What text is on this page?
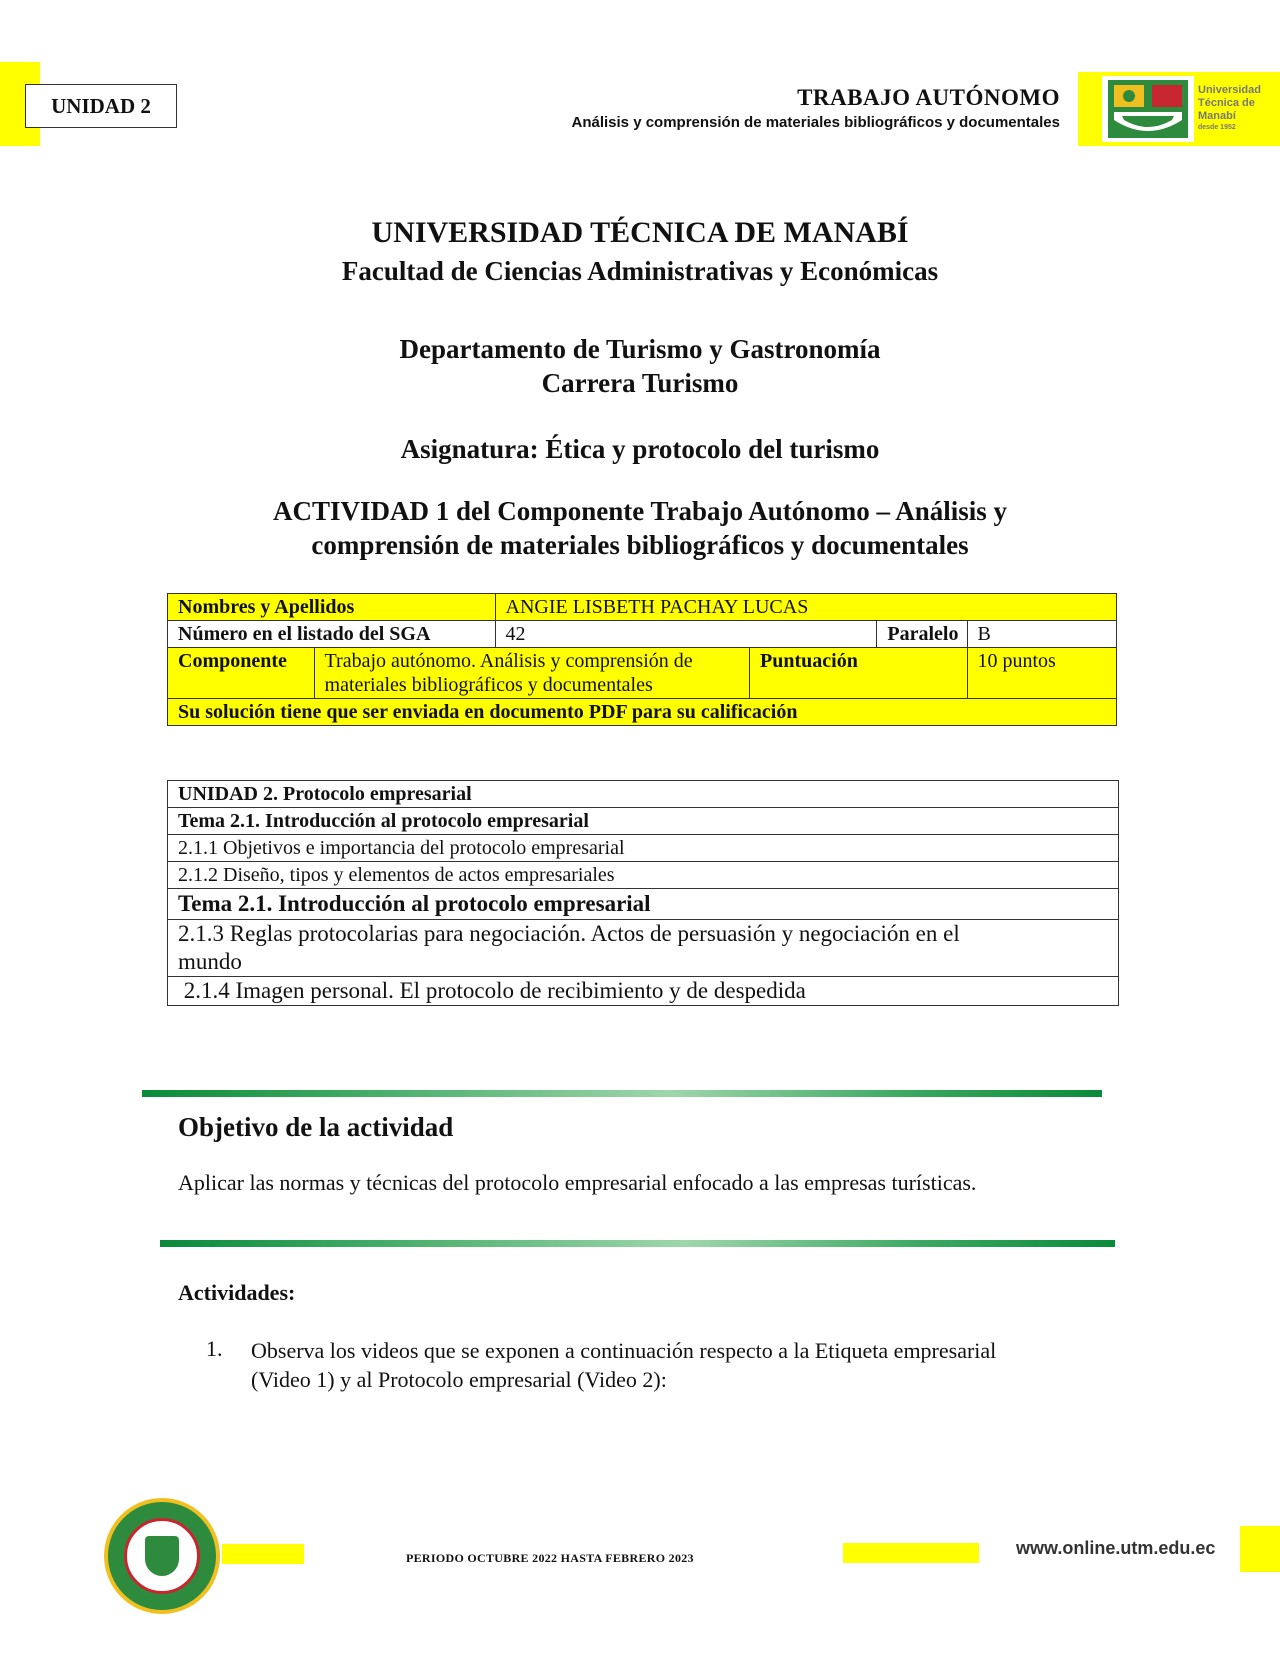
UNIDAD 2	TRABAJO AUTÓNOMO
Análisis y comprensión de materiales bibliográficos y documentales
Universidad
Técnica de
Manabí
desde 1952
UNIVERSIDAD TÉCNICA DE MANABÍ
Facultad de Ciencias Administrativas y Económicas
Departamento de Turismo y Gastronomía
Carrera Turismo
Asignatura: Ética y protocolo del turismo
ACTIVIDAD 1 del Componente Trabajo Autónomo – Análisis y
comprensión de materiales bibliográficos y documentales
Nombres y Apellidos		ANGIE LISBETH PACHAY LUCAS			
Número en el listado del SGA		42		Paralelo	B
Componente	Trabajo autónomo. Análisis y comprensión de
materiales bibliográficos y documentales		Puntuación		10 puntos
Su solución tiene que ser enviada en documento PDF para su calificación					
UNIDAD 2. Protocolo empresarial
Tema 2.1. Introducción al protocolo empresarial
2.1.1 Objetivos e importancia del protocolo empresarial
2.1.2 Diseño, tipos y elementos de actos empresariales
Tema 2.1. Introducción al protocolo empresarial

2.1.3 Reglas protocolarias para negociación. Actos de persuasión y negociación en el
mundo

2.1.4 Imagen personal. El protocolo de recibimiento y de despedida
Objetivo de la actividad
Aplicar las normas y técnicas del protocolo empresarial enfocado a las empresas turísticas.
Actividades:
1. Observa los videos que se exponen a continuación respecto a la Etiqueta empresarial
(Video 1) y al Protocolo empresarial (Video 2):
PERIODO OCTUBRE 2022 HASTA FEBRERO 2023	www.online.utm.edu.ec
